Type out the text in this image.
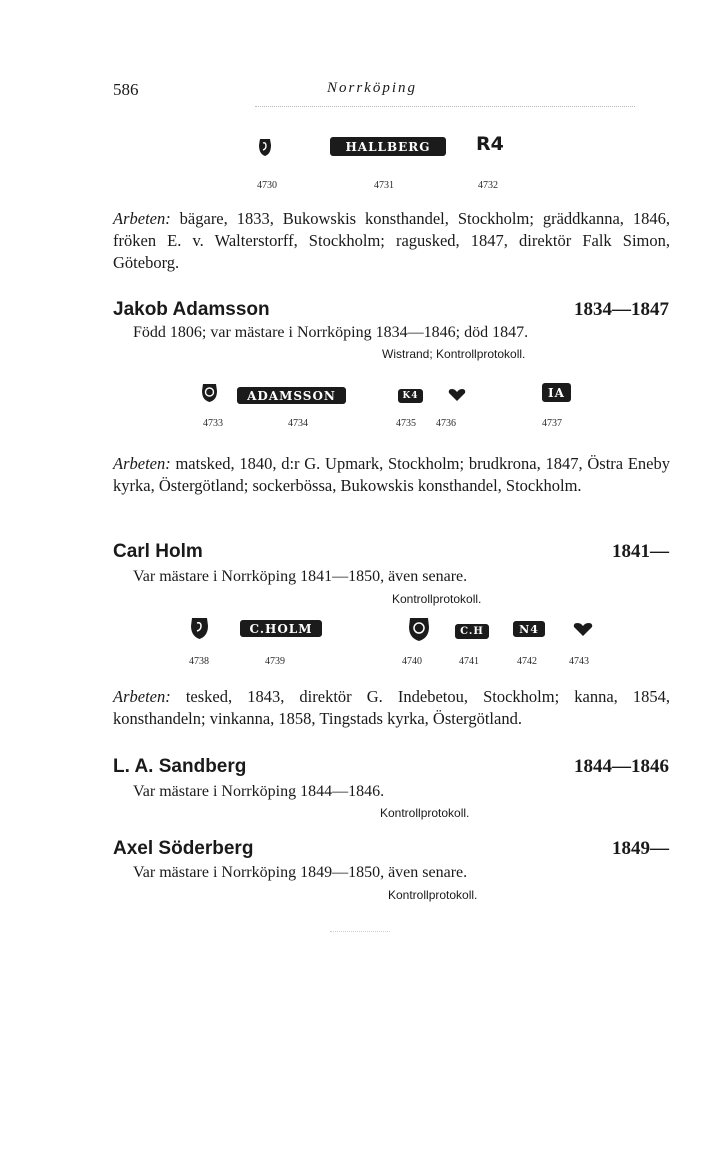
586	Norrköping
HALLBERG R4
4730	4731	4732
Arbeten: bägare, 1833, Bukowskis konsthandel, Stockholm; gräddkanna, 1846, fröken E. v. Walterstorff, Stockholm; ragusked, 1847, direktör Falk Simon, Göteborg.
Jakob Adamsson	1834—1847
Född 1806; var mästare i Norrköping 1834—1846; död 1847.
Wistrand; Kontrollprotokoll.
ADAMSSON	K4	IA
4733	4734	4735 4736	4737
Arbeten: matsked, 1840, d:r G. Upmark, Stockholm; brudkrona, 1847, Östra Eneby kyrka, Östergötland; sockerbössa, Bukowskis konsthandel, Stockholm.
Carl Holm	1841—
Var mästare i Norrköping 1841—1850, även senare.
Kontrollprotokoll.
C.HOLM	C.H	N4
4738	4739	4740	4741	4742	4743
Arbeten: tesked, 1843, direktör G. Indebetou, Stockholm; kanna, 1854, konsthandeln; vinkanna, 1858, Tingstads kyrka, Östergötland.
L. A. Sandberg	1844—1846
Var mästare i Norrköping 1844—1846.
Kontrollprotokoll.
Axel Söderberg	1849—
Var mästare i Norrköping 1849—1850, även senare.
Kontrollprotokoll.
